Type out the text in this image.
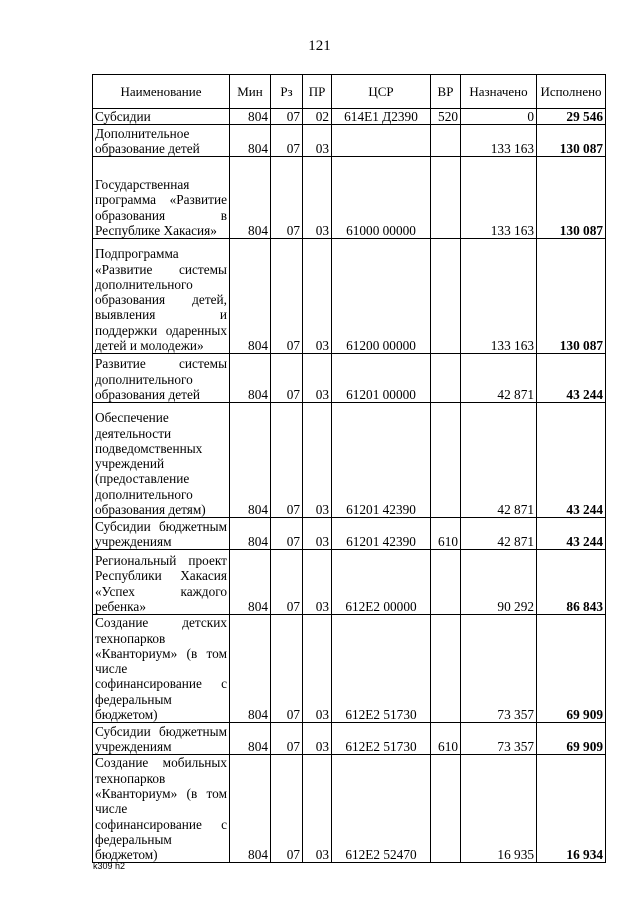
121
Наименование	Мин	Рз	ПР	ЦСР	ВР	Назначено	Исполнено
Субсидии	804	07	02	614E1 Д2390	520	0	29 546
Дополнительное образование детей	804	07	03			133 163	130 087
Государственная программа «Развитие образования в Республике Хакасия»	804	07	03	61000 00000		133 163	130 087
Подпрограмма «Развитие системы дополнительного образования детей, выявления и поддержки одаренных детей и молодежи»	804	07	03	61200 00000		133 163	130 087
Развитие системы дополнительного образования детей	804	07	03	61201 00000		42 871	43 244
Обеспечение деятельности подведомственных учреждений (предоставление дополнительного образования детям)	804	07	03	61201 42390		42 871	43 244
Субсидии бюджетным учреждениям	804	07	03	61201 42390	610	42 871	43 244
Региональный проект Республики Хакасия «Успех каждого ребенка»	804	07	03	612E2 00000		90 292	86 843
Создание детских технопарков «Кванториум» (в том числе софинансирование с федеральным бюджетом)	804	07	03	612E2 51730		73 357	69 909
Субсидии бюджетным учреждениям	804	07	03	612E2 51730	610	73 357	69 909
Создание мобильных технопарков «Кванториум» (в том числе софинансирование с федеральным бюджетом)	804	07	03	612E2 52470		16 935	16 934
k309 h2
